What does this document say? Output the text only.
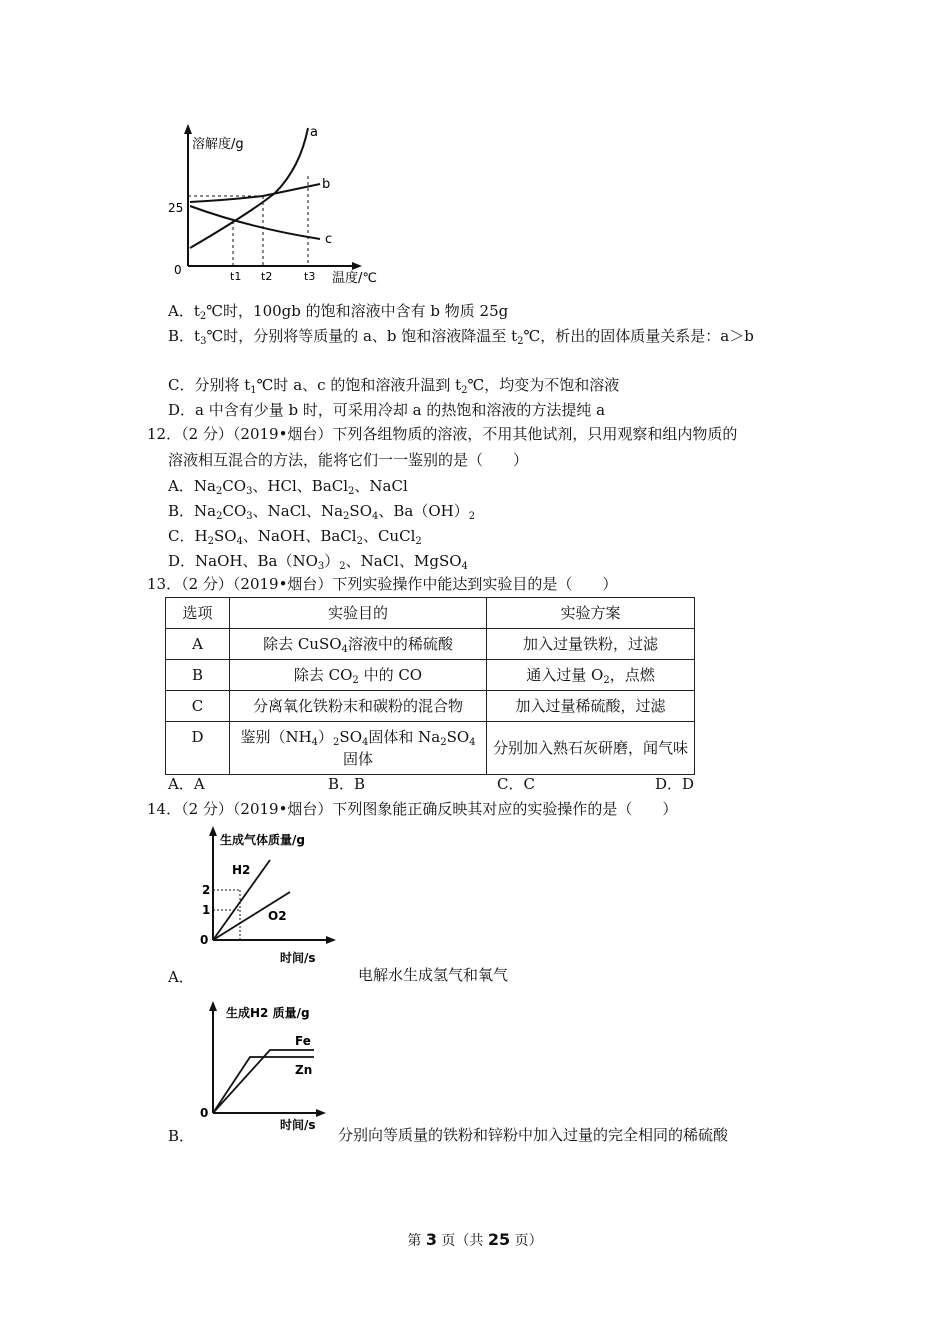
溶解度/g
温度/℃
0
25
t1 t2	t3
a
b
c
A．$t_2℃$时，100gb 的饱和溶液中含有 b 物质 25g
B．$t_3℃$时，分别将等质量的 a、b 饱和溶液降温至 $t_2℃$，析出的固体质量关系是：a＞b
C．分别将 $t_1℃$时 a、c 的饱和溶液升温到 $t_2℃$，均变为不饱和溶液
D．a 中含有少量 b 时，可采用冷却 a 的热饱和溶液的方法提纯 a
12．（2 分）（2019•烟台）下列各组物质的溶液，不用其他试剂，只用观察和组内物质的
溶液相互混合的方法，能将它们一一鉴别的是（　　）
A．$Na_2CO_3$、HCl、BaCl$_2$、NaCl
B．$Na_2CO_3$、NaCl、$Na_2SO_4$、$Ba(OH)_2$
C．$H_2SO_4$、NaOH、BaCl$_2$、CuCl$_2$
D．NaOH、$Ba(NO_3)_2$、NaCl、MgSO$_4$
13．（2 分）（2019•烟台）下列实验操作中能达到实验目的是（　　）
选项	实验目的	实验方案
A	除去 CuSO$_4$溶液中的稀硫酸	加入过量铁粉，过滤
B	除去 $CO_2$ 中的 CO	通入过量 $O_2$，点燃
C	分离氧化铁粉末和碳粉的混合物	加入过量稀硫酸，过滤
D	鉴别$(NH_4)_2SO_4$固体和 $Na_2SO_4$
固体	分别加入熟石灰研磨，闻气味
A．A	B．B	C．C	D．D
14．（2 分）（2019•烟台）下列图象能正确反映其对应的实验操作的是（　　）
生成气体质量/g
时间/s
0
2
1
H2
O2
A．	电解水生成氢气和氧气
生成H2 质量/g
时间/s
0
Fe
Zn
B．	分别向等质量的铁粉和锌粉中加入过量的完全相同的稀硫酸
第 3 页（共 25 页）
